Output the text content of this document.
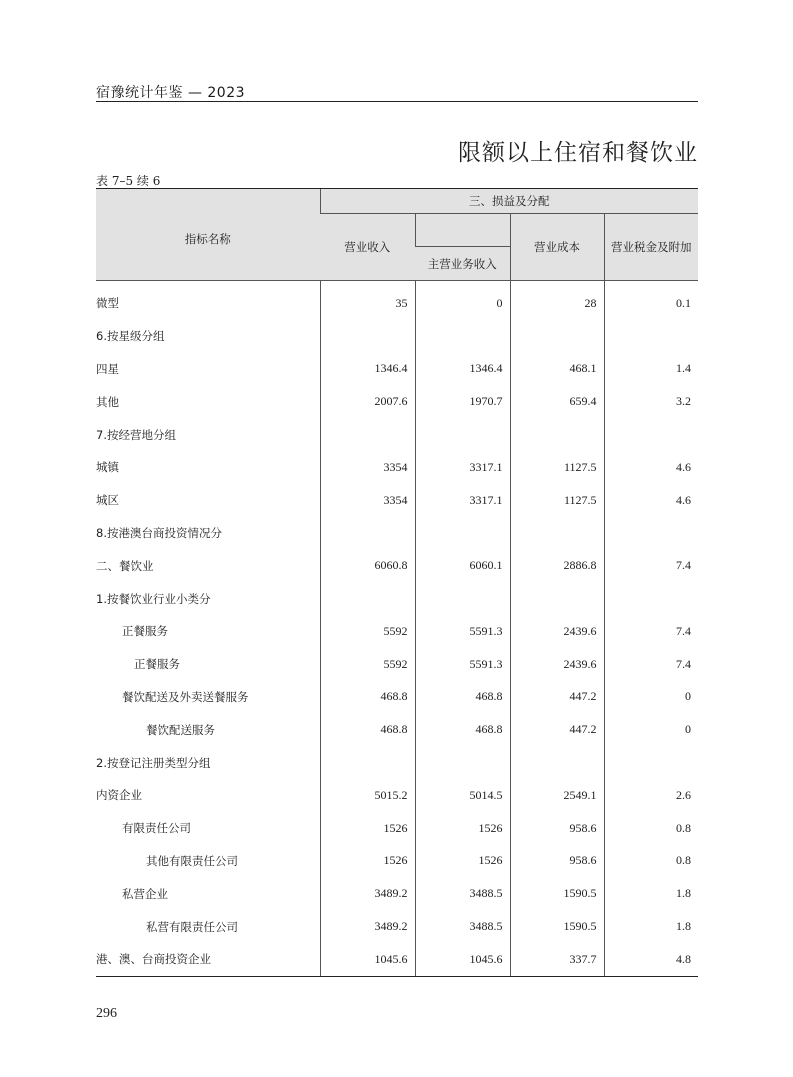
宿豫统计年鉴 — 2023
限额以上住宿和餐饮业
表 7–5 续 6
指标名称	三、损益及分配			
	营业收入		营业成本	营业税金及附加
		主营业务收入		
微型	35	0	28	0.1
6.按星级分组				
四星	1346.4	1346.4	468.1	1.4
其他	2007.6	1970.7	659.4	3.2
7.按经营地分组				
城镇	3354	3317.1	1127.5	4.6
城区	3354	3317.1	1127.5	4.6
8.按港澳台商投资情况分				
二、餐饮业	6060.8	6060.1	2886.8	7.4
1.按餐饮业行业小类分				
正餐服务	5592	5591.3	2439.6	7.4
正餐服务	5592	5591.3	2439.6	7.4
餐饮配送及外卖送餐服务	468.8	468.8	447.2	0
餐饮配送服务	468.8	468.8	447.2	0
2.按登记注册类型分组				
内资企业	5015.2	5014.5	2549.1	2.6
有限责任公司	1526	1526	958.6	0.8
其他有限责任公司	1526	1526	958.6	0.8
私营企业	3489.2	3488.5	1590.5	1.8
私营有限责任公司	3489.2	3488.5	1590.5	1.8
港、澳、台商投资企业	1045.6	1045.6	337.7	4.8
296
